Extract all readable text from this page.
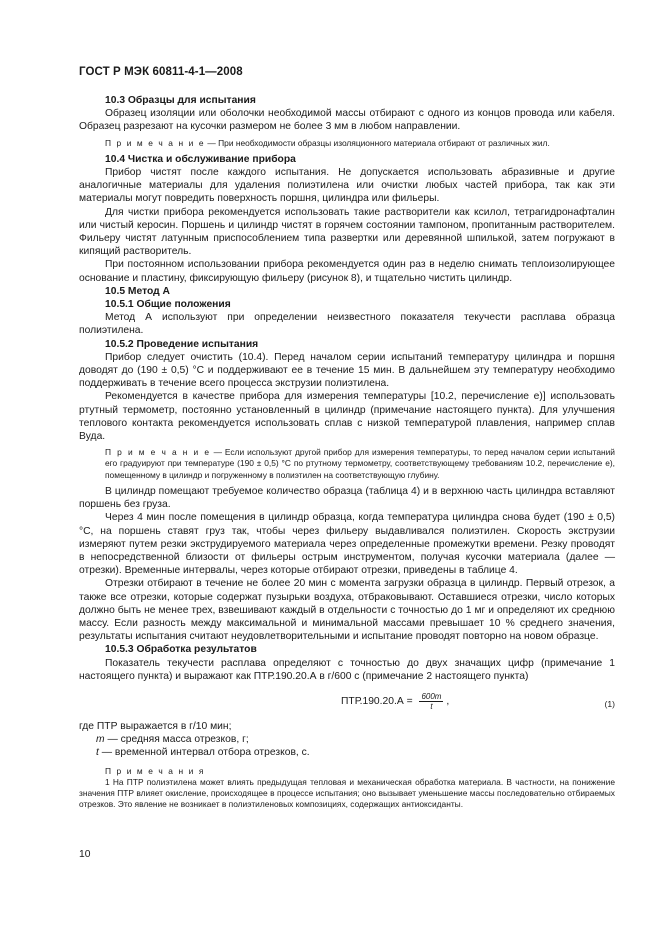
ГОСТ Р МЭК 60811-4-1—2008

10.3 Образцы для испытания

Образец изоляции или оболочки необходимой массы отбирают с одного из концов провода или кабеля. Образец разрезают на кусочки размером не более 3 мм в любом направлении.

П р и м е ч а н и е — При необходимости образцы изоляционного материала отбирают от различных жил.

10.4 Чистка и обслуживание прибора

Прибор чистят после каждого испытания. Не допускается использовать абразивные и другие аналогичные материалы для удаления полиэтилена или очистки любых частей прибора, так как эти материалы могут повредить поверхность поршня, цилиндра или фильеры.

Для чистки прибора рекомендуется использовать такие растворители как ксилол, тетрагидронафталин или чистый керосин. Поршень и цилиндр чистят в горячем состоянии тампоном, пропитанным растворителем. Фильеру чистят латунным приспособлением типа развертки или деревянной шпилькой, затем погружают в кипящий растворитель.

При постоянном использовании прибора рекомендуется один раз в неделю снимать теплоизолирующее основание и пластину, фиксирующую фильеру (рисунок 8), и тщательно чистить цилиндр.

10.5 Метод А

10.5.1 Общие положения

Метод А используют при определении неизвестного показателя текучести расплава образца полиэтилена.

10.5.2 Проведение испытания

Прибор следует очистить (10.4). Перед началом серии испытаний температуру цилиндра и поршня доводят до (190 ± 0,5) °С и поддерживают ее в течение 15 мин. В дальнейшем эту температуру необходимо поддерживать в течение всего процесса экструзии полиэтилена.

Рекомендуется в качестве прибора для измерения температуры [10.2, перечисление е)] использовать ртутный термометр, постоянно установленный в цилиндр (примечание настоящего пункта). Для улучшения теплового контакта рекомендуется использовать сплав с низкой температурой плавления, например сплав Вуда.

П р и м е ч а н и е — Если используют другой прибор для измерения температуры, то перед началом серии испытаний его градуируют при температуре (190 ± 0,5) °С по ртутному термометру, соответствующему требованиям 10.2, перечисление е), помещенному в цилиндр и погруженному в полиэтилен на соответствующую глубину.

В цилиндр помещают требуемое количество образца (таблица 4) и в верхнюю часть цилиндра вставляют поршень без груза.

Через 4 мин после помещения в цилиндр образца, когда температура цилиндра снова будет (190 ± 0,5) °С, на поршень ставят груз так, чтобы через фильеру выдавливался полиэтилен. Скорость экструзии измеряют путем резки экструдируемого материала через определенные промежутки времени. Резку проводят в непосредственной близости от фильеры острым инструментом, получая кусочки материала (далее — отрезки). Временные интервалы, через которые отбирают отрезки, приведены в таблице 4.

Отрезки отбирают в течение не более 20 мин с момента загрузки образца в цилиндр. Первый отрезок, а также все отрезки, которые содержат пузырьки воздуха, отбраковывают. Оставшиеся отрезки, число которых должно быть не менее трех, взвешивают каждый в отдельности с точностью до 1 мг и определяют их среднюю массу. Если разность между максимальной и минимальной массами превышает 10 % среднего значения, результаты испытания считают неудовлетворительными и испытание проводят повторно на новом образце.

10.5.3 Обработка результатов

Показатель текучести расплава определяют с точностью до двух значащих цифр (примечание 1 настоящего пункта) и выражают как ПТР.190.20.А в г/600 с (примечание 2 настоящего пункта)

$ПТР.190.20.А = \frac{600m}{t}$ ,	(1)

где ПТР выражается в г/10 мин;

m — средняя масса отрезков, г;

t — временной интервал отбора отрезков, с.

П р и м е ч а н и я

1 На ПТР полиэтилена может влиять предыдущая тепловая и механическая обработка материала. В частности, на понижение значения ПТР влияет окисление, происходящее в процессе испытания; оно вызывает уменьшение массы последовательно отбираемых отрезков. Это явление не возникает в полиэтиленовых композициях, содержащих антиоксиданты.

10
